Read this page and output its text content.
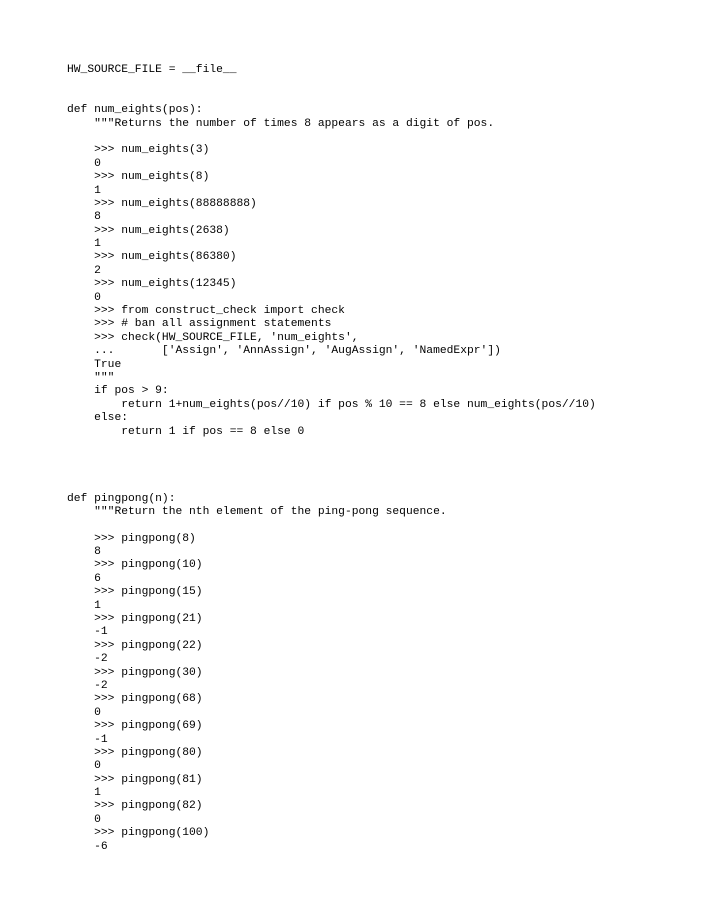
HW_SOURCE_FILE = __file__
def num_eights(pos):
"""Returns the number of times 8 appears as a digit of pos.
>>> num_eights(3)
0
>>> num_eights(8)
1
>>> num_eights(88888888)
8
>>> num_eights(2638)
1
>>> num_eights(86380)
2
>>> num_eights(12345)
0
>>> from construct_check import check
>>> # ban all assignment statements
>>> check(HW_SOURCE_FILE, 'num_eights',
...       ['Assign', 'AnnAssign', 'AugAssign', 'NamedExpr'])
True
"""
if pos > 9:
return 1+num_eights(pos//10) if pos % 10 == 8 else num_eights(pos//10)
else:
return 1 if pos == 8 else 0
def pingpong(n):
"""Return the nth element of the ping-pong sequence.
>>> pingpong(8)
8
>>> pingpong(10)
6
>>> pingpong(15)
1
>>> pingpong(21)
-1
>>> pingpong(22)
-2
>>> pingpong(30)
-2
>>> pingpong(68)
0
>>> pingpong(69)
-1
>>> pingpong(80)
0
>>> pingpong(81)
1
>>> pingpong(82)
0
>>> pingpong(100)
-6
